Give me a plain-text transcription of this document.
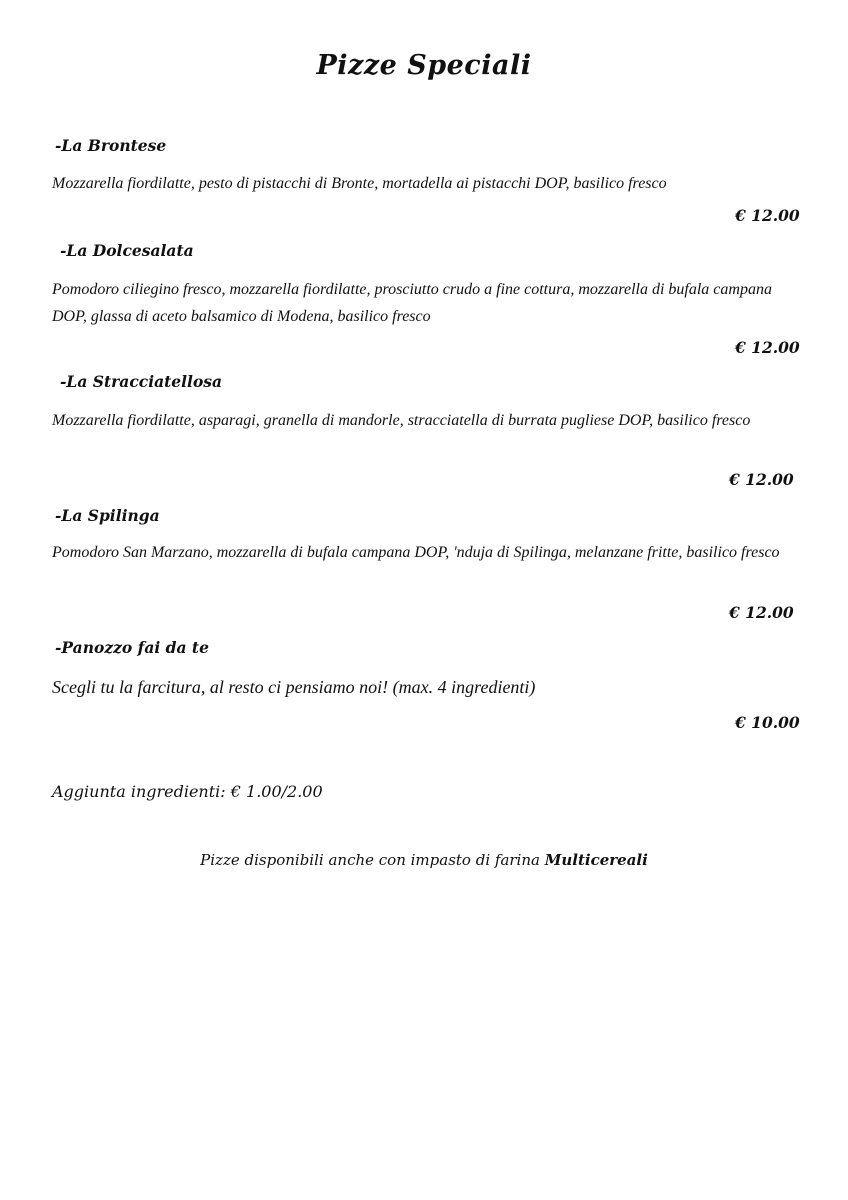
Pizze Speciali
-La Brontese
Mozzarella fiordilatte, pesto di pistacchi di Bronte, mortadella ai pistacchi DOP, basilico fresco
€ 12.00
-La Dolcesalata
Pomodoro ciliegino fresco, mozzarella fiordilatte, prosciutto crudo a fine cottura, mozzarella di bufala campana DOP, glassa di aceto balsamico di Modena, basilico fresco
€ 12.00
-La Stracciatellosa
Mozzarella fiordilatte, asparagi, granella di mandorle, stracciatella di burrata pugliese DOP, basilico fresco
€ 12.00
-La Spilinga
Pomodoro San Marzano, mozzarella di bufala campana DOP, 'nduja di Spilinga, melanzane fritte, basilico fresco
€ 12.00
-Panozzo fai da te
Scegli tu la farcitura, al resto ci pensiamo noi! (max. 4 ingredienti)
€ 10.00
Aggiunta ingredienti: € 1.00/2.00
Pizze disponibili anche con impasto di farina Multicereali
